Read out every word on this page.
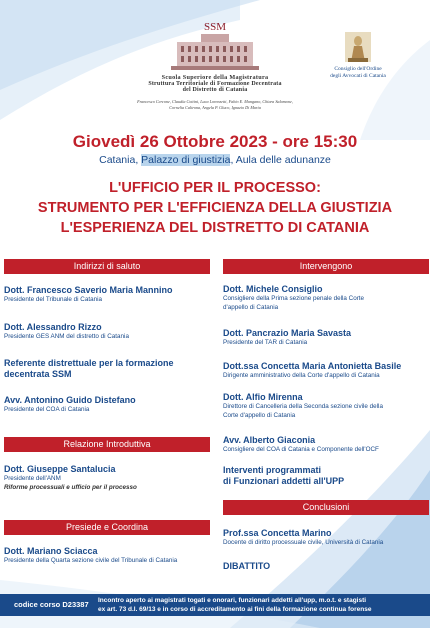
SSM
Scuola Superiore della Magistratura
Struttura Territoriale di Formazione Decentrata
del Distretto di Catania
Francesco Cercone, Claudia Cottini, Luca Lorenzetti, Fabio E. Mangano, Chiara Salamone,
Cornelia Caltrona, Angela P. Gluco, Ignazio Di Maria
Consiglio dell'Ordine
degli Avvocati di Catania
Giovedì 26 Ottobre 2023 - ore 15:30
Catania, Palazzo di giustizia, Aula delle adunanze
L'UFFICIO PER IL PROCESSO:
STRUMENTO PER L'EFFICIENZA DELLA GIUSTIZIA
L'ESPERIENZA DEL DISTRETTO DI CATANIA
Indirizzi di saluto
Dott. Francesco Saverio Maria Mannino
Presidente del Tribunale di Catania
Dott. Alessandro Rizzo
Presidente GES ANM del distretto di Catania
Referente distrettuale per la formazione
decentrata SSM
Avv. Antonino Guido Distefano
Presidente del COA di Catania
Relazione Introduttiva
Dott. Giuseppe Santalucia
Presidente dell'ANM
Riforme processuali e ufficio per il processo
Presiede e Coordina
Dott. Mariano Sciacca
Presidente della Quarta sezione civile del Tribunale di Catania
Intervengono
Dott. Michele Consiglio
Consigliere della Prima sezione penale della Corte
d'appello di Catania
Dott. Pancrazio Maria Savasta
Presidente del TAR di Catania
Dott.ssa Concetta Maria Antonietta Basile
Dirigente amministrativo della Corte d'appello di Catania
Dott. Alfio Mirenna
Direttore di Cancelleria della Seconda sezione civile della
Corte d'appello di Catania
Avv. Alberto Giaconia
Consigliere del COA di Catania e Componente dell'OCF
Interventi programmati
di Funzionari addetti all'UPP
Conclusioni
Prof.ssa Concetta Marino
Docente di diritto processuale civile, Università di Catania
DIBATTITO
codice corso D23387 Incontro aperto ai magistrati togati e onorari, funzionari addetti all'upp, m.o.t. e stagisti
ex art. 73 d.l. 69/13 e in corso di accreditamento ai fini della formazione continua forense
